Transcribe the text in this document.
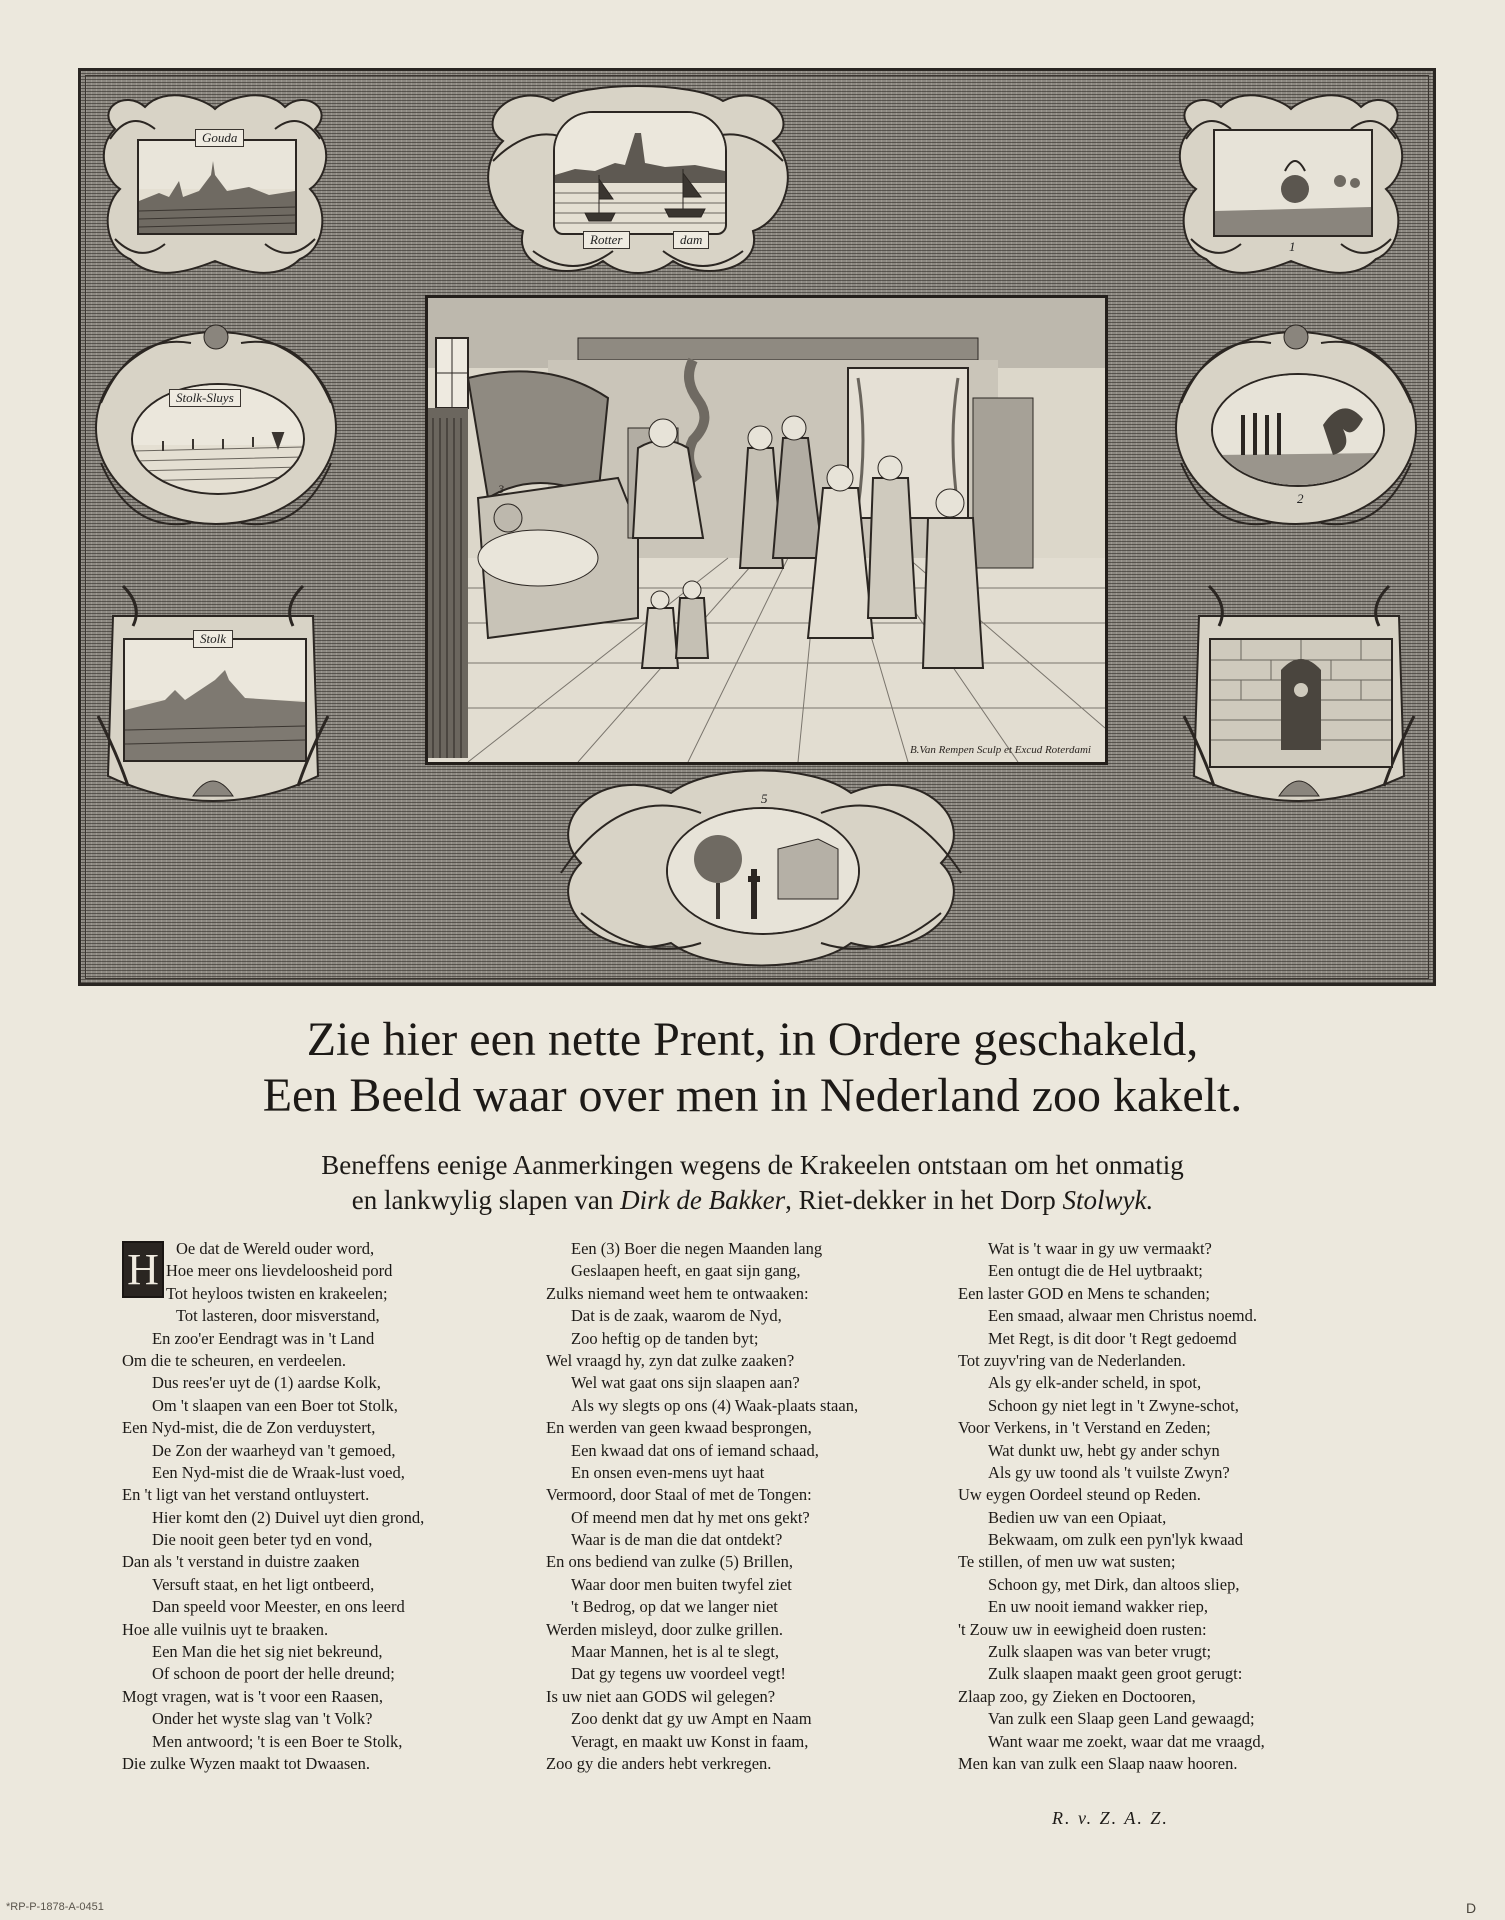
Gouda
Rotter	dam	1
Stolk-Sluys
2
Stolk
5
3
B.Van Rempen Sculp et Excud Roterdami
Zie hier een nette Prent, in Ordere geschakeld,
Een Beeld waar over men in Nederland zoo kakelt.
Beneffens eenige Aanmerkingen wegens de Krakeelen ontstaan om het onmatig
en lankwylig slapen van Dirk de Bakker, Riet-dekker in het Dorp Stolwyk.
H	Oe dat de Wereld ouder word,
Hoe meer ons lievdeloosheid pord
Tot heyloos twisten en krakeelen;
Tot lasteren, door misverstand,
En zoo'er Eendragt was in 't Land
Om die te scheuren, en verdeelen.
Dus rees'er uyt de (1) aardse Kolk,
Om 't slaapen van een Boer tot Stolk,
Een Nyd-mist, die de Zon verduystert,
De Zon der waarheyd van 't gemoed,
Een Nyd-mist die de Wraak-lust voed,
En 't ligt van het verstand ontluystert.
Hier komt den (2) Duivel uyt dien grond,
Die nooit geen beter tyd en vond,
Dan als 't verstand in duistre zaaken
Versuft staat, en het ligt ontbeerd,
Dan speeld voor Meester, en ons leerd
Hoe alle vuilnis uyt te braaken.
Een Man die het sig niet bekreund,
Of schoon de poort der helle dreund;
Mogt vragen, wat is 't voor een Raasen,
Onder het wyste slag van 't Volk?
Men antwoord; 't is een Boer te Stolk,
Die zulke Wyzen maakt tot Dwaasen.
Een (3) Boer die negen Maanden lang
Geslaapen heeft, en gaat sijn gang,
Zulks niemand weet hem te ontwaaken:
Dat is de zaak, waarom de Nyd,
Zoo heftig op de tanden byt;
Wel vraagd hy, zyn dat zulke zaaken?
Wel wat gaat ons sijn slaapen aan?
Als wy slegts op ons (4) Waak-plaats staan,
En werden van geen kwaad besprongen,
Een kwaad dat ons of iemand schaad,
En onsen even-mens uyt haat
Vermoord, door Staal of met de Tongen:
Of meend men dat hy met ons gekt?
Waar is de man die dat ontdekt?
En ons bediend van zulke (5) Brillen,
Waar door men buiten twyfel ziet
't Bedrog, op dat we langer niet
Werden misleyd, door zulke grillen.
Maar Mannen, het is al te slegt,
Dat gy tegens uw voordeel vegt!
Is uw niet aan GODS wil gelegen?
Zoo denkt dat gy uw Ampt en Naam
Veragt, en maakt uw Konst in faam,
Zoo gy die anders hebt verkregen.
Wat is 't waar in gy uw vermaakt?
Een ontugt die de Hel uytbraakt;
Een laster GOD en Mens te schanden;
Een smaad, alwaar men Christus noemd.
Met Regt, is dit door 't Regt gedoemd
Tot zuyv'ring van de Nederlanden.
Als gy elk-ander scheld, in spot,
Schoon gy niet legt in 't Zwyne-schot,
Voor Verkens, in 't Verstand en Zeden;
Wat dunkt uw, hebt gy ander schyn
Als gy uw toond als 't vuilste Zwyn?
Uw eygen Oordeel steund op Reden.
Bedien uw van een Opiaat,
Bekwaam, om zulk een pyn'lyk kwaad
Te stillen, of men uw wat susten;
Schoon gy, met Dirk, dan altoos sliep,
En uw nooit iemand wakker riep,
't Zouw uw in eewigheid doen rusten:
Zulk slaapen was van beter vrugt;
Zulk slaapen maakt geen groot gerugt:
Zlaap zoo, gy Zieken en Doctooren,
Van zulk een Slaap geen Land gewaagd;
Want waar me zoekt, waar dat me vraagd,
Men kan van zulk een Slaap naaw hooren.
R. v. Z. A. Z.
*RP-P-1878-A-0451	D
